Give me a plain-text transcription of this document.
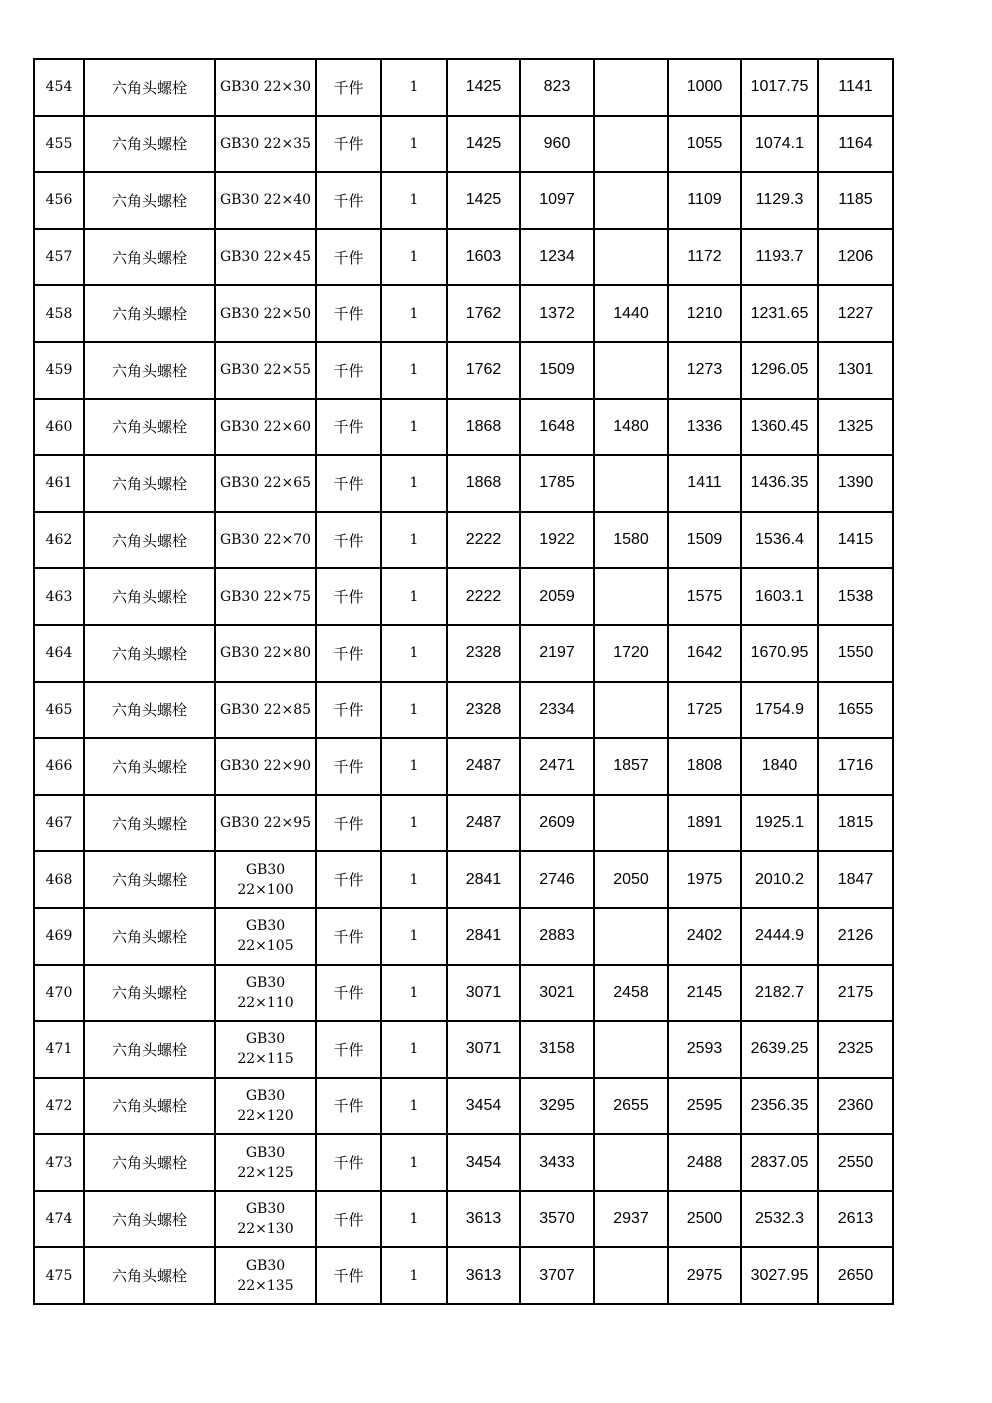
454	六角头螺栓	GB30 22×30	千件	1	1425	823		1000	1017.75	1141
455	六角头螺栓	GB30 22×35	千件	1	1425	960		1055	1074.1	1164
456	六角头螺栓	GB30 22×40	千件	1	1425	1097		1109	1129.3	1185
457	六角头螺栓	GB30 22×45	千件	1	1603	1234		1172	1193.7	1206
458	六角头螺栓	GB30 22×50	千件	1	1762	1372	1440	1210	1231.65	1227
459	六角头螺栓	GB30 22×55	千件	1	1762	1509		1273	1296.05	1301
460	六角头螺栓	GB30 22×60	千件	1	1868	1648	1480	1336	1360.45	1325
461	六角头螺栓	GB30 22×65	千件	1	1868	1785		1411	1436.35	1390
462	六角头螺栓	GB30 22×70	千件	1	2222	1922	1580	1509	1536.4	1415
463	六角头螺栓	GB30 22×75	千件	1	2222	2059		1575	1603.1	1538
464	六角头螺栓	GB30 22×80	千件	1	2328	2197	1720	1642	1670.95	1550
465	六角头螺栓	GB30 22×85	千件	1	2328	2334		1725	1754.9	1655
466	六角头螺栓	GB30 22×90	千件	1	2487	2471	1857	1808	1840	1716
467	六角头螺栓	GB30 22×95	千件	1	2487	2609		1891	1925.1	1815
468	六角头螺栓	GB30
22×100	千件	1	2841	2746	2050	1975	2010.2	1847
469	六角头螺栓	GB30
22×105	千件	1	2841	2883		2402	2444.9	2126
470	六角头螺栓	GB30
22×110	千件	1	3071	3021	2458	2145	2182.7	2175
471	六角头螺栓	GB30
22×115	千件	1	3071	3158		2593	2639.25	2325
472	六角头螺栓	GB30
22×120	千件	1	3454	3295	2655	2595	2356.35	2360
473	六角头螺栓	GB30
22×125	千件	1	3454	3433		2488	2837.05	2550
474	六角头螺栓	GB30
22×130	千件	1	3613	3570	2937	2500	2532.3	2613
475	六角头螺栓	GB30
22×135	千件	1	3613	3707		2975	3027.95	2650
